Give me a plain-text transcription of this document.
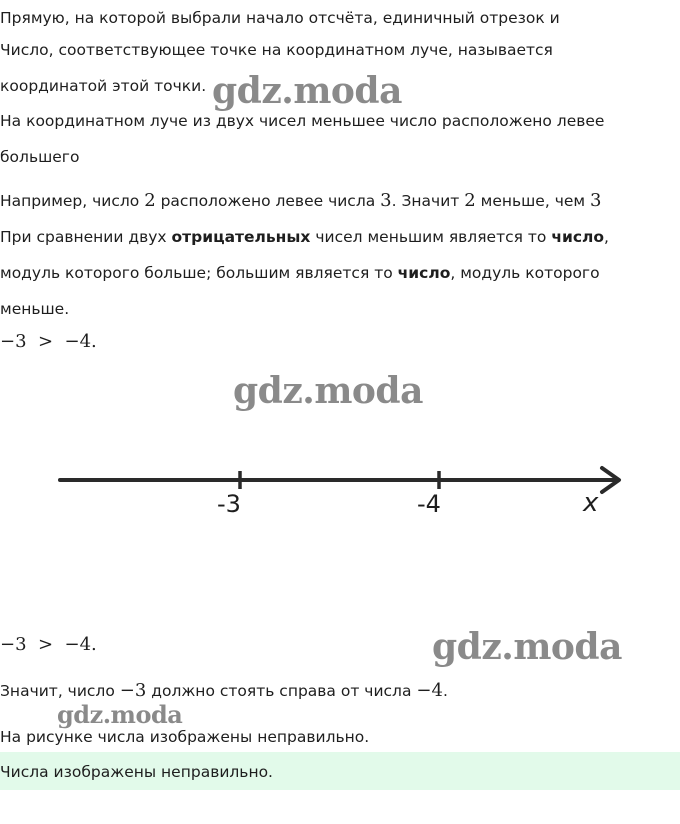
Прямую, на которой выбрали начало отсчёта, единичный отрезок и
Число, соответствующее точке на координатном луче, называется
координатой этой точки. gdz.moda
На координатном луче из двух чисел меньшее число расположено левее
большего
Например, число 2 расположено левее числа 3. Значит 2 меньше, чем 3
При сравнении двух отрицательных чисел меньшим является то число,
модуль которого больше; большим является то число, модуль которого
меньше.
−3  >  −4.
gdz.moda
-3	-4	x
−3  >  −4.	gdz.moda
Значит, число −3 должно стоять справа от числа −4.
gdz.moda
На рисунке числа изображены неправильно.
Числа изображены неправильно.
